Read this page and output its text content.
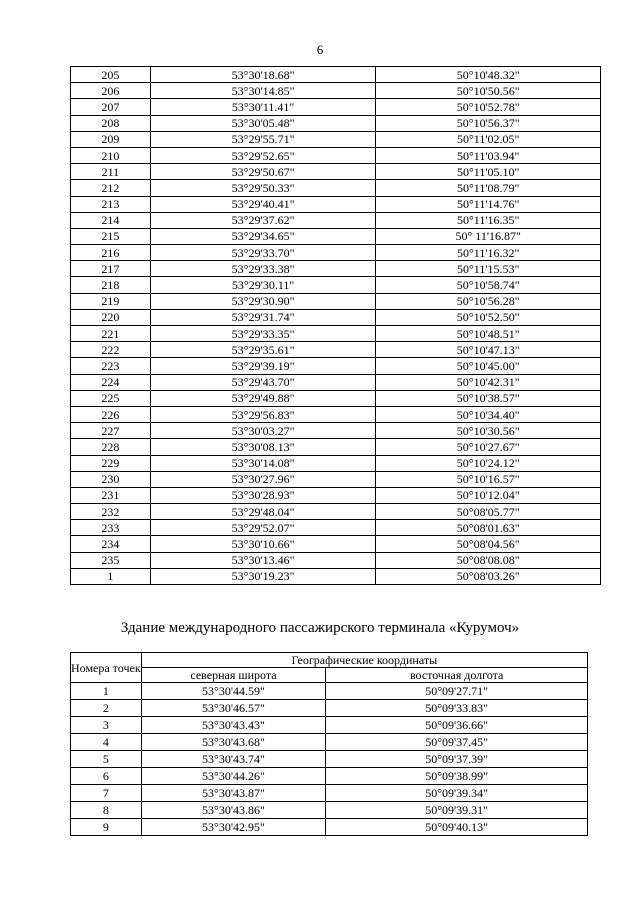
6
205	53°30'18.68"	50°10'48.32"
206	53°30'14.85"	50°10'50.56"
207	53°30'11.41"	50°10'52.78"
208	53°30'05.48"	50°10'56.37"
209	53°29'55.71"	50°11'02.05"
210	53°29'52.65"	50°11'03.94"
211	53°29'50.67"	50°11'05.10"
212	53°29'50.33"	50°11'08.79"
213	53°29'40.41"	50°11'14.76"
214	53°29'37.62"	50°11'16.35"
215	53°29'34.65"	50° 11'16.87"
216	53°29'33.70"	50°11'16.32"
217	53°29'33.38"	50°11'15.53"
218	53°29'30.11"	50°10'58.74"
219	53°29'30.90"	50°10'56.28"
220	53°29'31.74"	50°10'52.50"
221	53°29'33.35"	50°10'48.51"
222	53°29'35.61"	50°10'47.13"
223	53°29'39.19"	50°10'45.00"
224	53°29'43.70"	50°10'42.31"
225	53°29'49.88"	50°10'38.57"
226	53°29'56.83"	50°10'34.40"
227	53°30'03.27"	50°10'30.56"
228	53°30'08.13"	50°10'27.67"
229	53°30'14.08"	50°10'24.12"
230	53°30'27.96"	50°10'16.57"
231	53°30'28.93"	50°10'12.04"
232	53°29'48.04"	50°08'05.77"
233	53°29'52.07"	50°08'01.63"
234	53°30'10.66"	50°08'04.56"
235	53°30'13.46"	50°08'08.08"
1	53°30'19.23"	50°08'03.26"
Здание международного пассажирского терминала «Курумоч»
Номера точек	Географические координаты	
	северная широта	восточная долгота
1	53°30'44.59"	50°09'27.71"
2	53°30'46.57"	50°09'33.83"
3	53°30'43.43"	50°09'36.66"
4	53°30'43.68"	50°09'37.45"
5	53°30'43.74"	50°09'37.39"
6	53°30'44.26"	50°09'38.99"
7	53°30'43.87"	50°09'39.34"
8	53°30'43.86"	50°09'39.31"
9	53°30'42.95"	50°09'40.13"
